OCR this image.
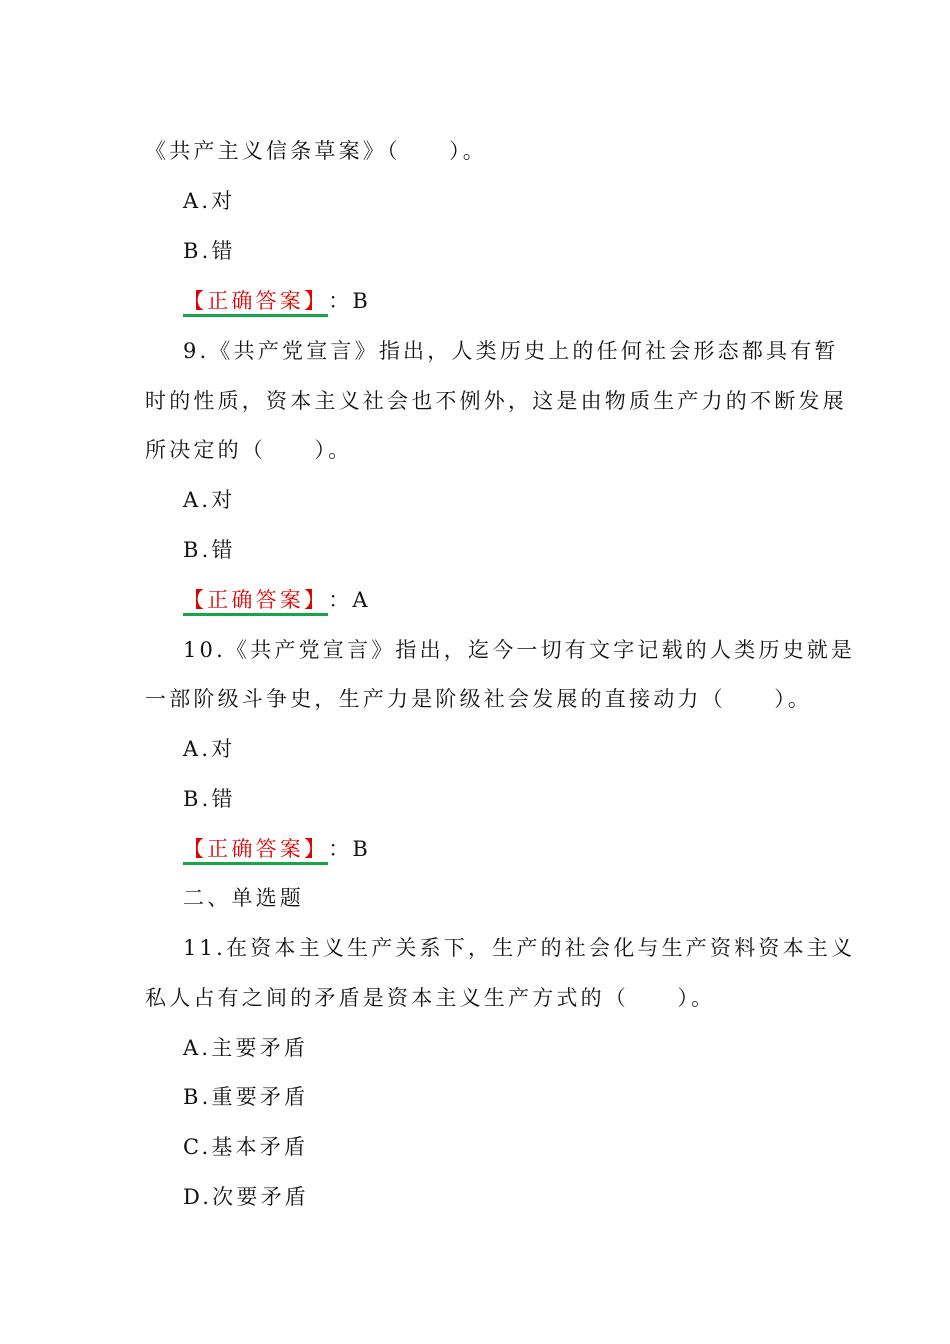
《共产主义信条草案》（　　）。
A.对
B.错
【正确答案】：B
9.《共产党宣言》指出，人类历史上的任何社会形态都具有暂
时的性质，资本主义社会也不例外，这是由物质生产力的不断发展
所决定的（　　）。
A.对
B.错
【正确答案】：A
10.《共产党宣言》指出，迄今一切有文字记载的人类历史就是
一部阶级斗争史，生产力是阶级社会发展的直接动力（　　）。
A.对
B.错
【正确答案】：B
二、单选题
11.在资本主义生产关系下，生产的社会化与生产资料资本主义
私人占有之间的矛盾是资本主义生产方式的（　　）。
A.主要矛盾
B.重要矛盾
C.基本矛盾
D.次要矛盾
